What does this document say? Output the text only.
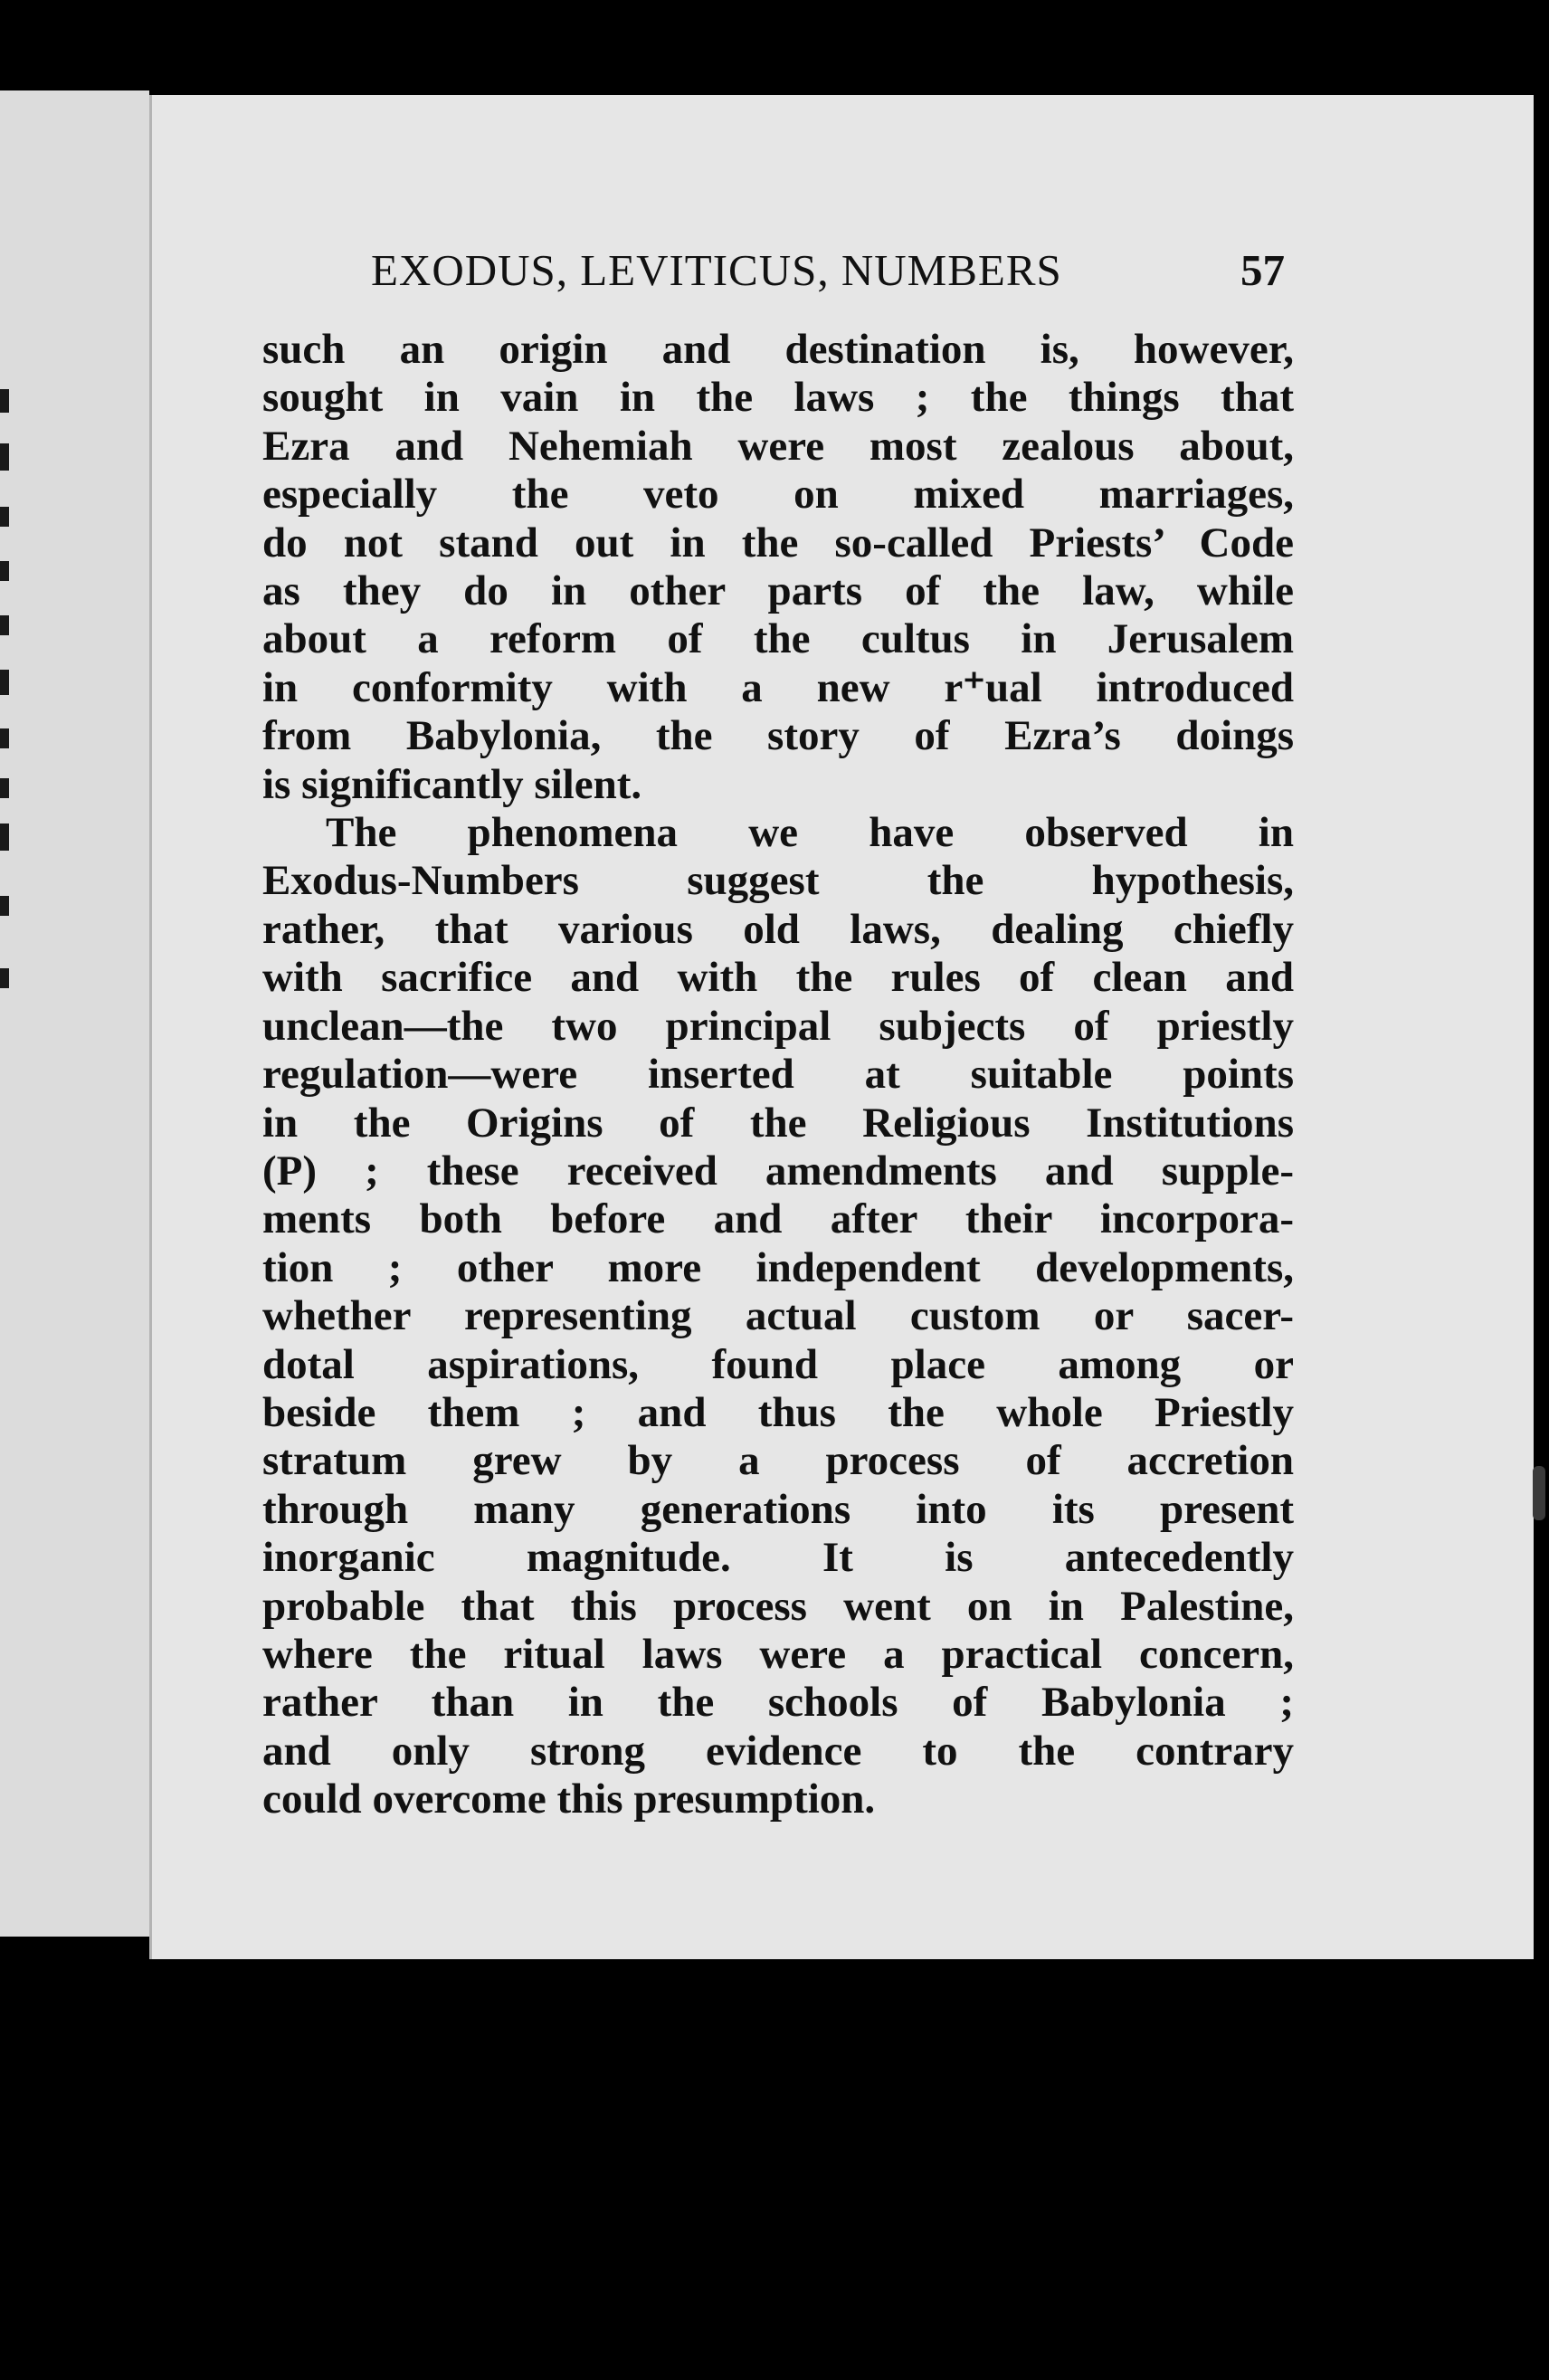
EXODUS, LEVITICUS, NUMBERS	57
such an origin and destination is, however,
sought in vain in the laws ; the things that
Ezra and Nehemiah were most zealous about,
especially the veto on mixed marriages,
do not stand out in the so-called Priests’ Code
as they do in other parts of the law, while
about a reform of the cultus in Jerusalem
in conformity with a new r⁺ual introduced
from Babylonia, the story of Ezra’s doings
is significantly silent.
The phenomena we have observed in
Exodus-Numbers suggest the hypothesis,
rather, that various old laws, dealing chiefly
with sacrifice and with the rules of clean and
unclean—the two principal subjects of priestly
regulation—were inserted at suitable points
in the Origins of the Religious Institutions
(P) ; these received amendments and supple-
ments both before and after their incorpora-
tion ; other more independent developments,
whether representing actual custom or sacer-
dotal aspirations, found place among or
beside them ; and thus the whole Priestly
stratum grew by a process of accretion
through many generations into its present
inorganic magnitude. It is antecedently
probable that this process went on in Palestine,
where the ritual laws were a practical concern,
rather than in the schools of Babylonia ;
and only strong evidence to the contrary
could overcome this presumption.
